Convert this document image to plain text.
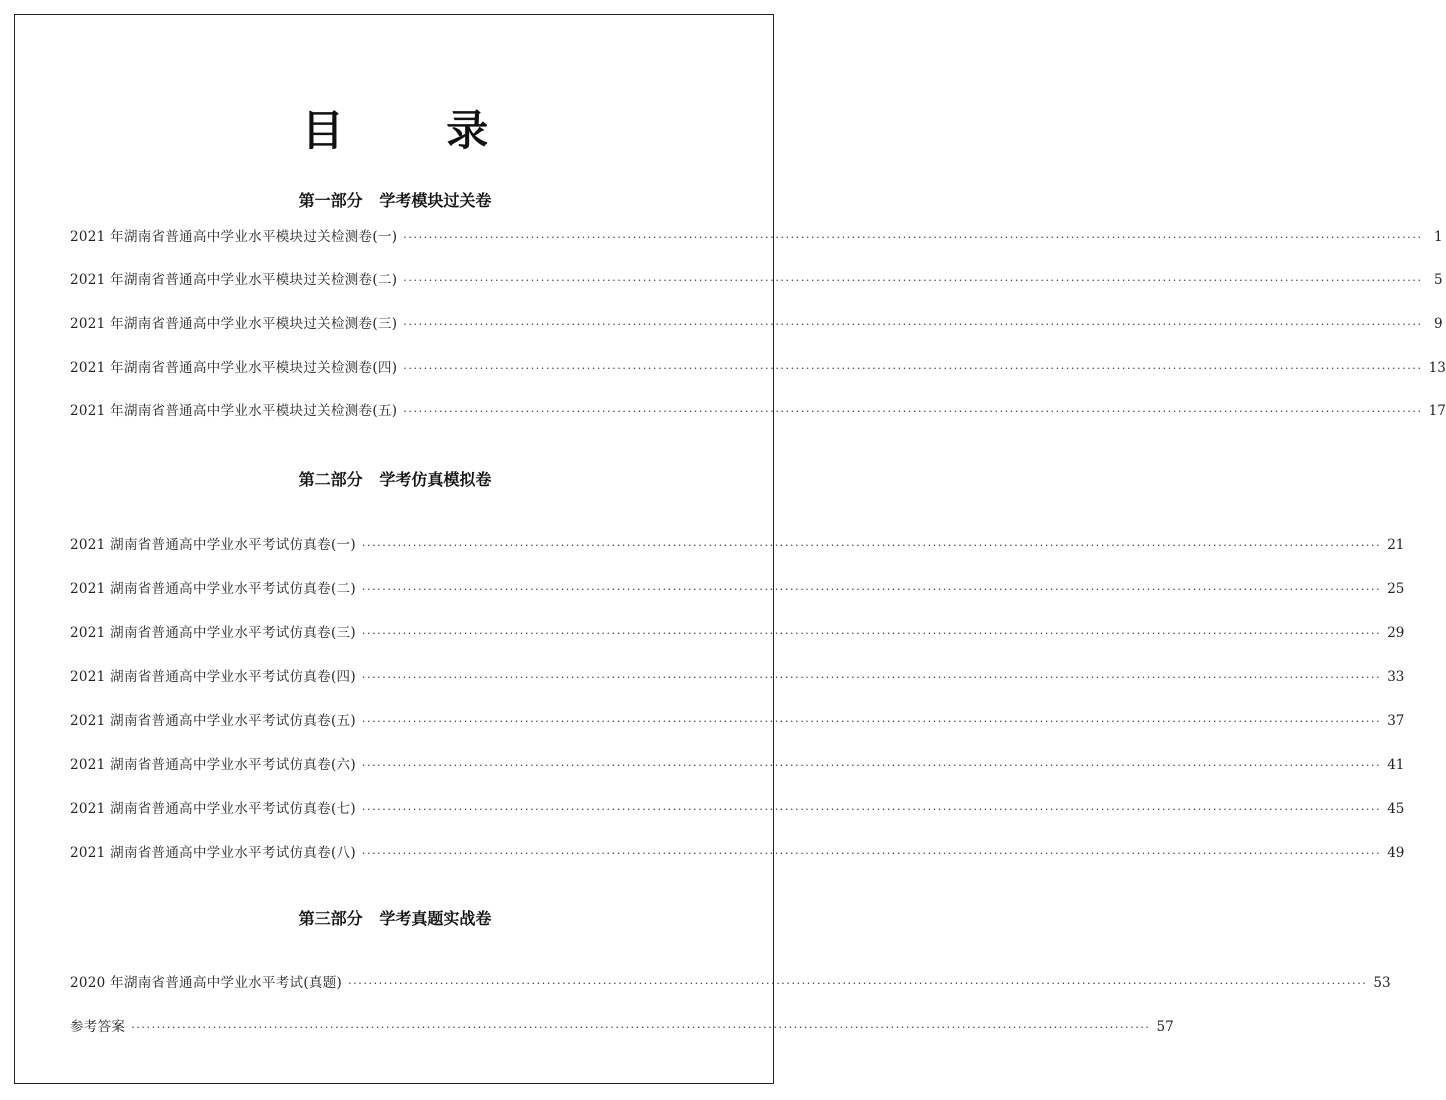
目 录
第一部分   学考模块过关卷
2021 年湖南省普通高中学业水平模块过关检测卷(一) ········································································································································································································ 1
2021 年湖南省普通高中学业水平模块过关检测卷(二) ········································································································································································································ 5
2021 年湖南省普通高中学业水平模块过关检测卷(三) ········································································································································································································ 9
2021 年湖南省普通高中学业水平模块过关检测卷(四) ········································································································································································································ 13
2021 年湖南省普通高中学业水平模块过关检测卷(五) ········································································································································································································ 17
第二部分   学考仿真模拟卷
2021 湖南省普通高中学业水平考试仿真卷(一) ········································································································································································································ 21
2021 湖南省普通高中学业水平考试仿真卷(二) ········································································································································································································ 25
2021 湖南省普通高中学业水平考试仿真卷(三) ········································································································································································································ 29
2021 湖南省普通高中学业水平考试仿真卷(四) ········································································································································································································ 33
2021 湖南省普通高中学业水平考试仿真卷(五) ········································································································································································································ 37
2021 湖南省普通高中学业水平考试仿真卷(六) ········································································································································································································ 41
2021 湖南省普通高中学业水平考试仿真卷(七) ········································································································································································································ 45
2021 湖南省普通高中学业水平考试仿真卷(八) ········································································································································································································ 49
第三部分   学考真题实战卷
2020 年湖南省普通高中学业水平考试(真题) ········································································································································································································ 53
参考答案 ········································································································································································································ 57
